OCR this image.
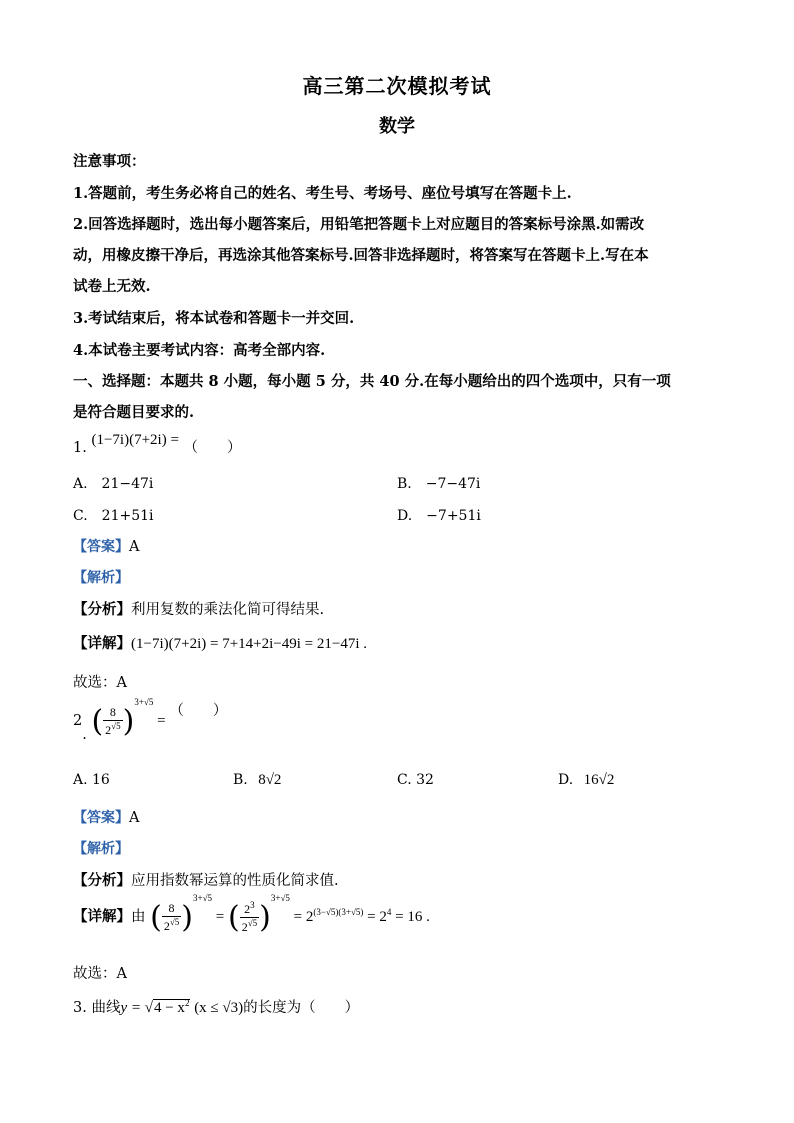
高三第二次模拟考试
数学
注意事项：
1.答题前，考生务必将自己的姓名、考生号、考场号、座位号填写在答题卡上.
2.回答选择题时，选出每小题答案后，用铅笔把答题卡上对应题目的答案标号涂黑.如需改
动，用橡皮擦干净后，再选涂其他答案标号.回答非选择题时，将答案写在答题卡上.写在本
试卷上无效.
3.考试结束后，将本试卷和答题卡一并交回.
4.本试卷主要考试内容：高考全部内容.
一、选择题：本题共 8 小题，每小题 5 分，共 40 分.在每小题给出的四个选项中，只有一项
是符合题目要求的.
1. (1−7i)(7+2i) = （　　）
A.　21−47i	B.　−7−47i
C.　21+51i	D.　−7+51i
【答案】A
【解析】
【分析】利用复数的乘法化简可得结果.
【详解】(1−7i)(7+2i) = 7+14+2i−49i = 21−47i .
故选：A
2. ( $\frac{8}{2^{√5}} )^{3+√5}$ = （　　）
A. 16	B. 8√2	C. 32	D. 16√2
【答案】A
【解析】
【分析】应用指数幂运算的性质化简求值.
【详解】由 ( $\frac{8}{2^{√5}} )^{3+√5}$ = ( $\frac{2^3}{2^{√5}} )^{3+√5} = 2^{(3-√5)(3+√5)} = 2^4 = 16$ .
故选：A
3. 曲线$y = √4 - x^2$ (x ≤ √3)的长度为（　　）
